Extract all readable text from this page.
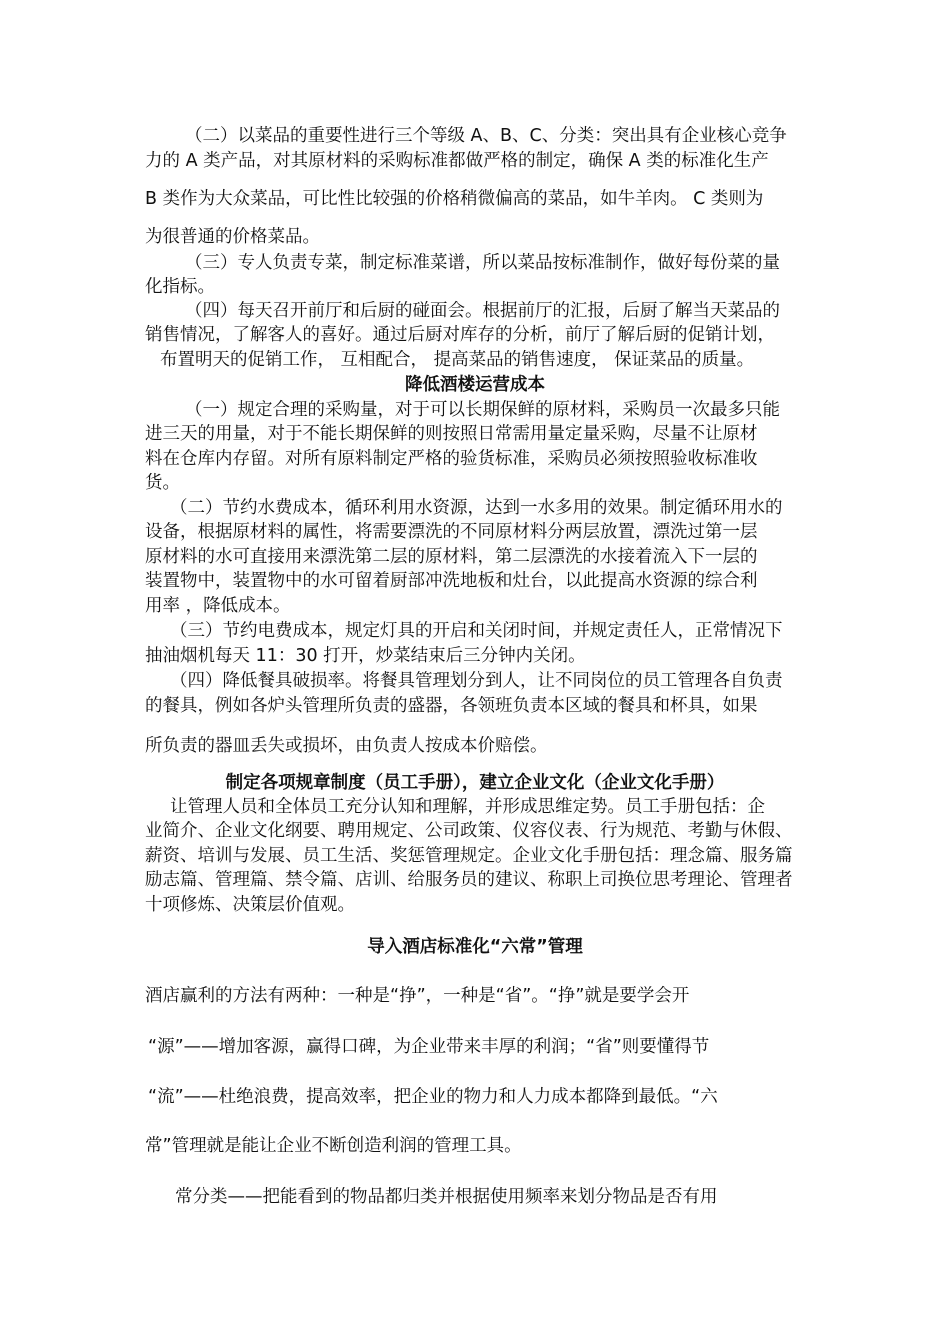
降低酒楼运营成本
制定各项规章制度（员工手册），建立企业文化（企业文化手册）
导入酒店标准化“六常”管理
（二）以菜品的重要性进行三个等级 A、B、C、分类：突出具有企业核心竞争
力的 A 类产品，对其原材料的采购标准都做严格的制定，确保 A 类的标准化生产
B 类作为大众菜品，可比性比较强的价格稍微偏高的菜品，如牛羊肉。 C 类则为
为很普通的价格菜品。
（三）专人负责专菜，制定标准菜谱，所以菜品按标准制作，做好每份菜的量
化指标。
（四）每天召开前厅和后厨的碰面会。根据前厅的汇报，后厨了解当天菜品的
销售情况，了解客人的喜好。通过后厨对库存的分析，前厅了解后厨的促销计划，
布置明天的促销工作， 互相配合， 提高菜品的销售速度， 保证菜品的质量。
（一）规定合理的采购量，对于可以长期保鲜的原材料，采购员一次最多只能
进三天的用量，对于不能长期保鲜的则按照日常需用量定量采购，尽量不让原材
料在仓库内存留。对所有原料制定严格的验货标准，采购员必须按照验收标准收
货。
（二）节约水费成本，循环利用水资源，达到一水多用的效果。制定循环用水的
设备，根据原材料的属性，将需要漂洗的不同原材料分两层放置，漂洗过第一层
原材料的水可直接用来漂洗第二层的原材料，第二层漂洗的水接着流入下一层的
装置物中，装置物中的水可留着厨部冲洗地板和灶台，以此提高水资源的综合利
用率 ，降低成本。
（三）节约电费成本，规定灯具的开启和关闭时间，并规定责任人，正常情况下
抽油烟机每天 11：30 打开，炒菜结束后三分钟内关闭。
（四）降低餐具破损率。将餐具管理划分到人，让不同岗位的员工管理各自负责
的餐具，例如各炉头管理所负责的盛器，各领班负责本区域的餐具和杯具，如果
所负责的器皿丢失或损坏，由负责人按成本价赔偿。
让管理人员和全体员工充分认知和理解，并形成思维定势。员工手册包括：企
业简介、企业文化纲要、聘用规定、公司政策、仪容仪表、行为规范、考勤与休假、
薪资、培训与发展、员工生活、奖惩管理规定。企业文化手册包括：理念篇、服务篇
励志篇、管理篇、禁令篇、店训、给服务员的建议、称职上司换位思考理论、管理者
十项修炼、决策层价值观。
酒店赢利的方法有两种：一种是“挣”，一种是“省”。“挣”就是要学会开
“源”——增加客源，赢得口碑，为企业带来丰厚的利润；“省”则要懂得节
“流”——杜绝浪费，提高效率，把企业的物力和人力成本都降到最低。“六
常”管理就是能让企业不断创造利润的管理工具。
常分类——把能看到的物品都归类并根据使用频率来划分物品是否有用
